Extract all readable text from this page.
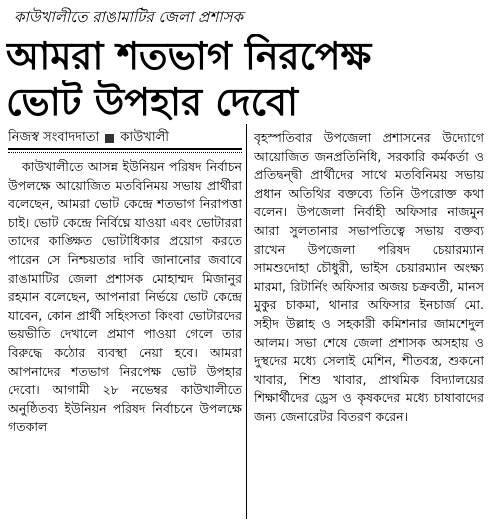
কাউখালীতে রাঙামাটির জেলা প্রশাসক
আমরা শতভাগ নিরপেক্ষ
ভোট উপহার দেবো
নিজস্ব সংবাদদাতা কাউখালী

কাউখালীতে আসন্ন ইউনিয়ন পরিষদ নির্বাচন উপলক্ষে আয়োজিত মতবিনিময় সভায় প্রার্থীরা বলেছেন, আমরা ভোট কেন্দ্রে শতভাগ নিরাপত্তা চাই। ভোট কেন্দ্রে নির্বিঘ্নে যাওয়া এবং ভোটাররা তাদের কাঙ্ক্ষিত ভোটাধিকার প্রয়োগ করতে পারেন সে নিশ্চয়তার দাবি জানানোর জবাবে রাঙামাটির জেলা প্রশাসক মোহাম্মদ মিজানুর রহমান বলেছেন, আপনারা নির্ভয়ে ভোট কেন্দ্রে যাবেন, কোন প্রার্থী সহিংসতা কিংবা ভোটারদের ভয়ভীতি দেখালে প্রমাণ পাওয়া গেলে তার বিরুদ্ধে কঠোর ব্যবস্থা নেয়া হবে। আমরা আপনাদের শতভাগ নিরপেক্ষ ভোট উপহার দেবো। আগামী ২৮ নভেম্বর কাউখালীতে অনুষ্ঠিতব্য ইউনিয়ন পরিষদ নির্বাচনে উপলক্ষে গতকাল

বৃহস্পতিবার উপজেলা প্রশাসনের উদ্যোগে আয়োজিত জনপ্রতিনিধি, সরকারি কর্মকর্তা ও প্রতিদ্বন্দ্বী প্রার্থীদের সাথে মতবিনিময় সভায় প্রধান অতিথির বক্তব্যে তিনি উপরোক্ত কথা বলেন। উপজেলা নির্বাহী অফিসার নাজমুন আরা সুলতানার সভাপতিত্বে সভায় বক্তব্য রাখেন উপজেলা পরিষদ চেয়ারম্যান সামশুদোহা চৌধুরী, ভাইস চেয়ারম্যান অংক্ষ্য মারমা, রিটার্নিং অফিসার অজয় চক্রবর্তী, মানস মুকুর চাকমা, থানার অফিসার ইনচার্জ মো. সহীদ উল্লাহ ও সহকারী কমিশনার জামশেদুল আলম। সভা শেষে জেলা প্রশাসক অসহায় ও দুস্থদের মধ্যে সেলাই মেশিন, শীতবস্ত্র, শুকনো খাবার, শিশু খাবার, প্রাথমিক বিদ্যালয়ের শিক্ষার্থীদের ড্রেস ও কৃষকদের মধ্যে চাষাবাদের জন্য জেনারেটর বিতরণ করেন।
